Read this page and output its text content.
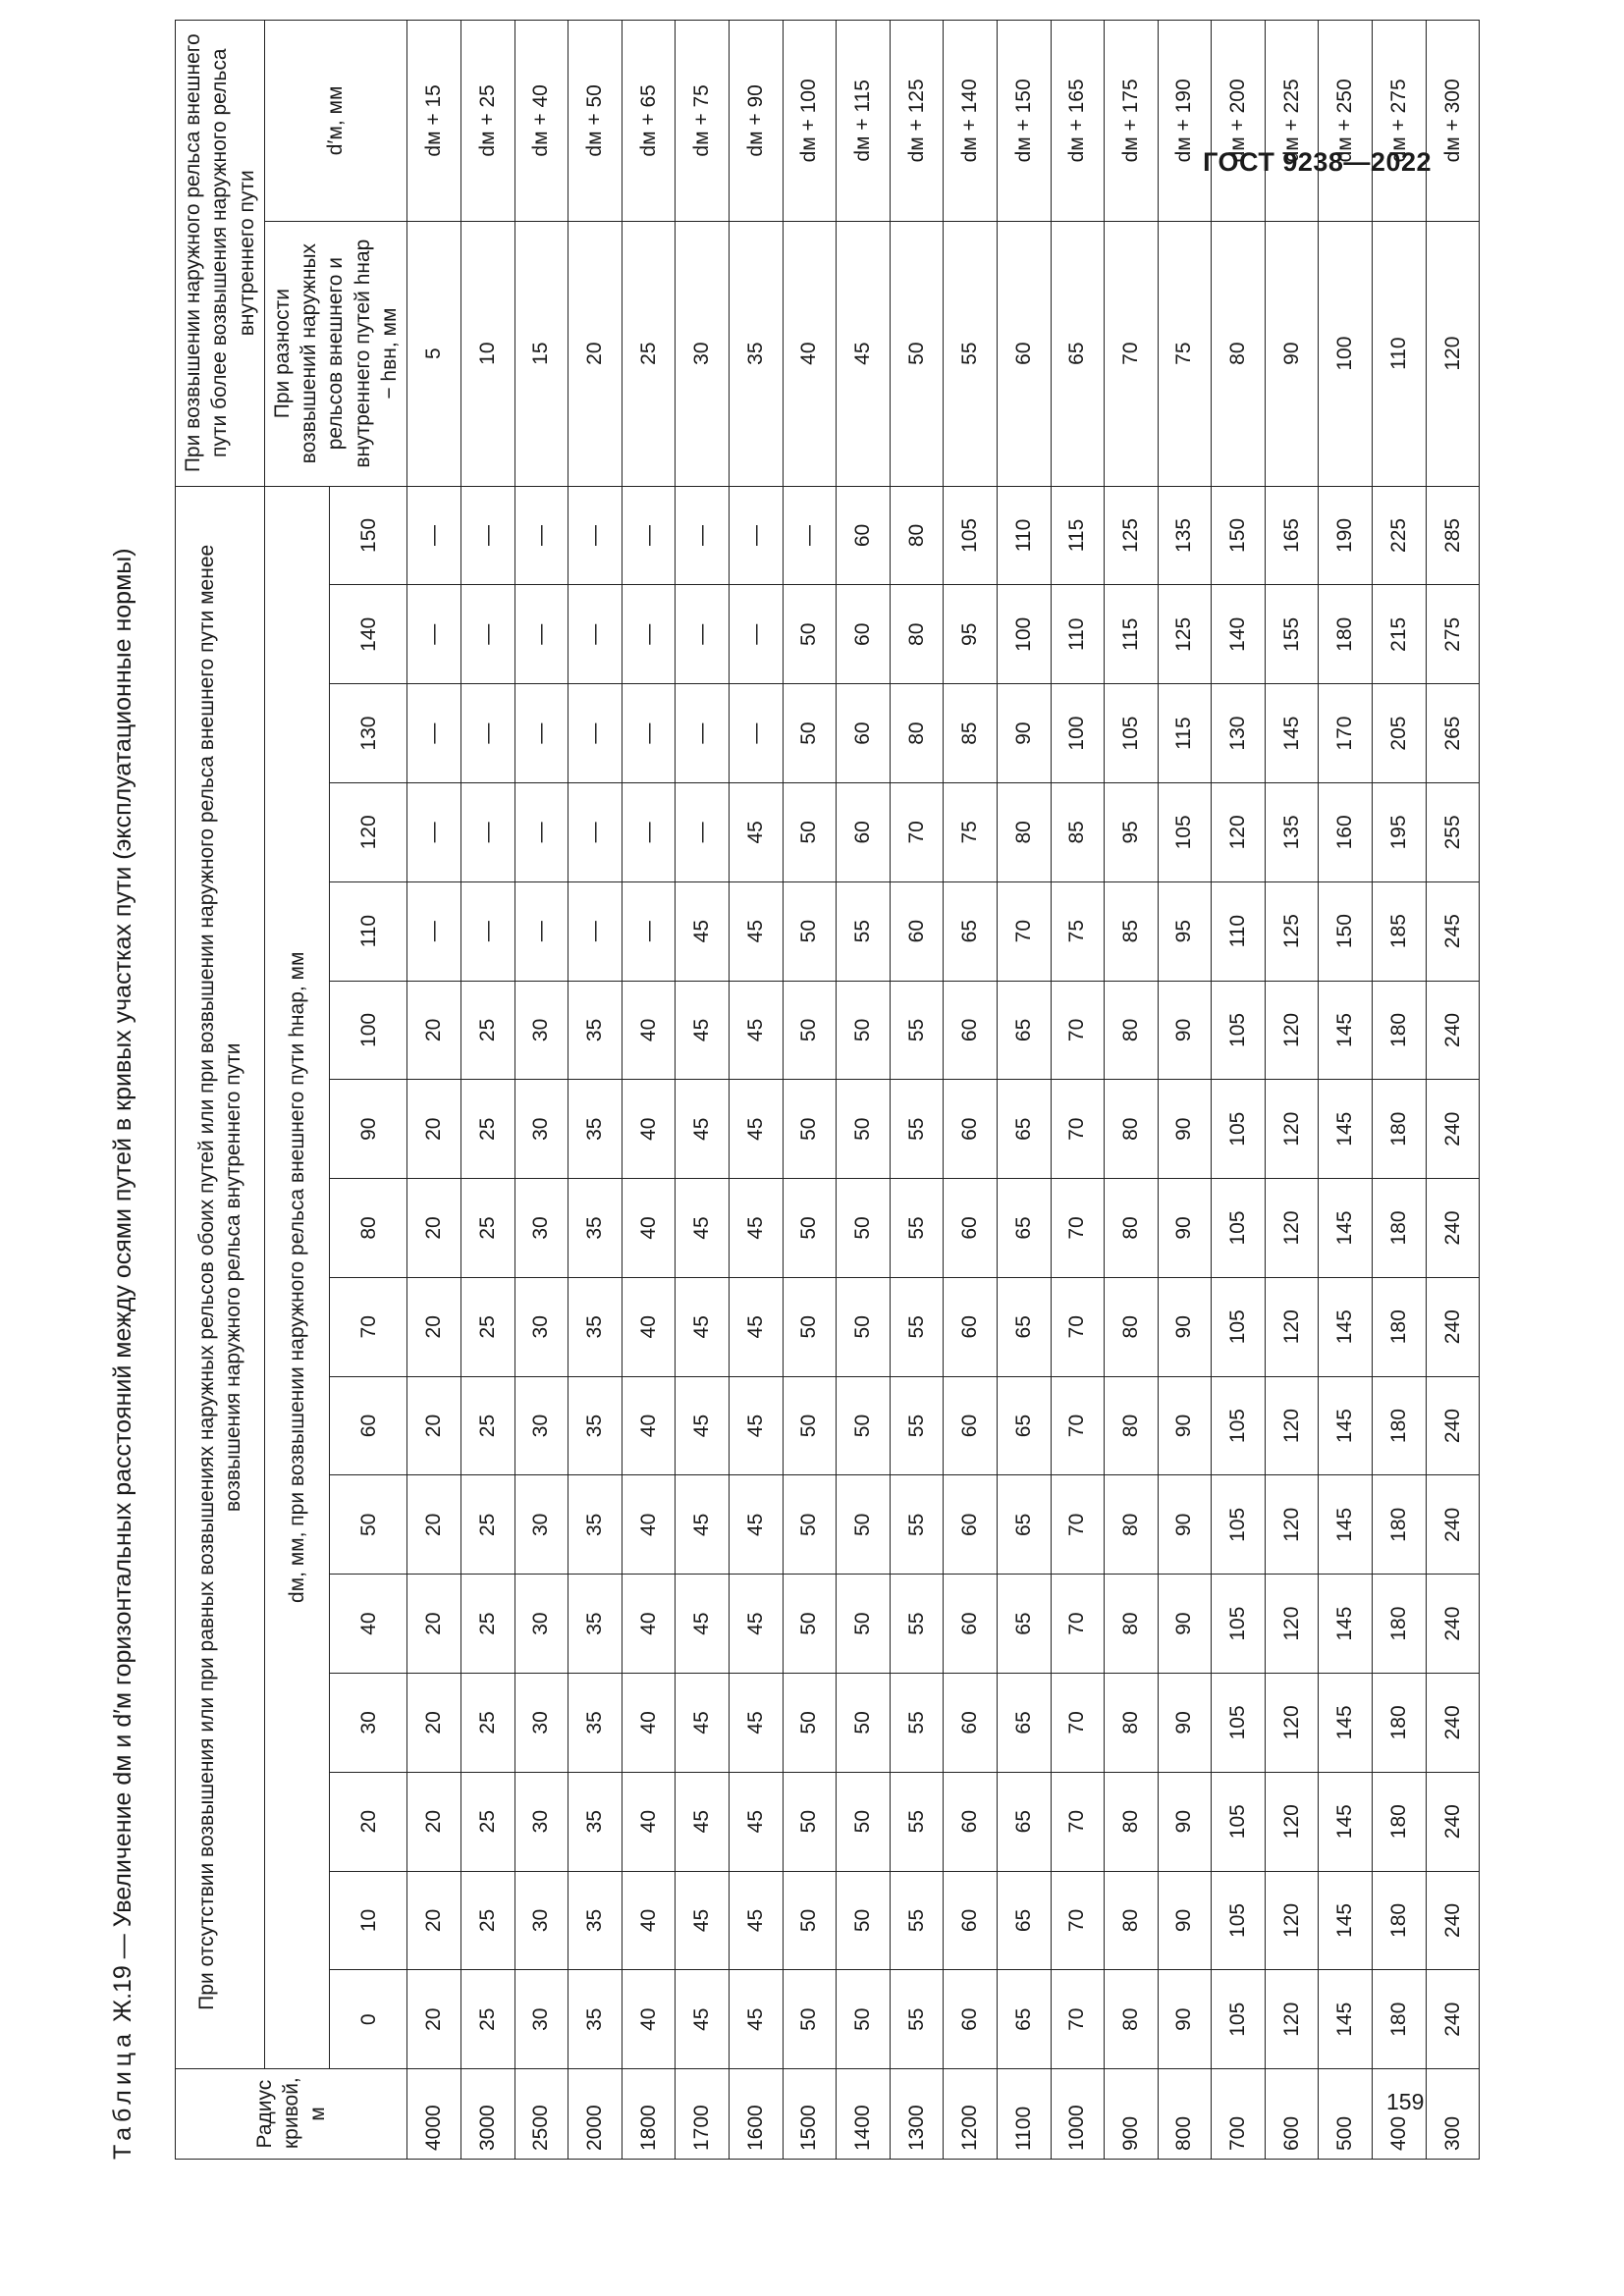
ГОСТ 9238—2022
Таблица Ж.19 — Увеличение dм и d′м горизонтальных расстояний между осями путей в кривых участках пути (эксплуатационные нормы)
Радиус кривой, м	При отсутствии возвышения или при равных возвышениях наружных рельсов обоих путей или при возвышении наружного рельса внешнего пути менее возвышения наружного рельса внутреннего пути																При возвышении наружного рельса внешнего пути более возвышения наружного рельса внутреннего пути	

	dм, мм, при возвышении наружного рельса внешнего пути hнар, мм																При разности возвышений наружных рельсов внешнего и внутреннего путей hнар − hвн, мм	d′м, мм
	0	10	20	30	40	50	60	70	80	90	100	110	120	130	140	150		
4000	20	20	20	20	20	20	20	20	20	20	20	—	—	—	—	—	5	dм + 15
3000	25	25	25	25	25	25	25	25	25	25	25	—	—	—	—	—	10	dм + 25
2500	30	30	30	30	30	30	30	30	30	30	30	—	—	—	—	—	15	dм + 40
2000	35	35	35	35	35	35	35	35	35	35	35	—	—	—	—	—	20	dм + 50
1800	40	40	40	40	40	40	40	40	40	40	40	—	—	—	—	—	25	dм + 65
1700	45	45	45	45	45	45	45	45	45	45	45	45	—	—	—	—	30	dм + 75
1600	45	45	45	45	45	45	45	45	45	45	45	45	45	—	—	—	35	dм + 90
1500	50	50	50	50	50	50	50	50	50	50	50	50	50	50	50	—	40	dм + 100
1400	50	50	50	50	50	50	50	50	50	50	50	55	60	60	60	60	45	dм + 115
1300	55	55	55	55	55	55	55	55	55	55	55	60	70	80	80	80	50	dм + 125
1200	60	60	60	60	60	60	60	60	60	60	60	65	75	85	95	105	55	dм + 140
1100	65	65	65	65	65	65	65	65	65	65	65	70	80	90	100	110	60	dм + 150
1000	70	70	70	70	70	70	70	70	70	70	70	75	85	100	110	115	65	dм + 165
900	80	80	80	80	80	80	80	80	80	80	80	85	95	105	115	125	70	dм + 175
800	90	90	90	90	90	90	90	90	90	90	90	95	105	115	125	135	75	dм + 190
700	105	105	105	105	105	105	105	105	105	105	105	110	120	130	140	150	80	dм + 200
600	120	120	120	120	120	120	120	120	120	120	120	125	135	145	155	165	90	dм + 225
500	145	145	145	145	145	145	145	145	145	145	145	150	160	170	180	190	100	dм + 250
400	180	180	180	180	180	180	180	180	180	180	180	185	195	205	215	225	110	dм + 275
300	240	240	240	240	240	240	240	240	240	240	240	245	255	265	275	285	120	dм + 300
159
